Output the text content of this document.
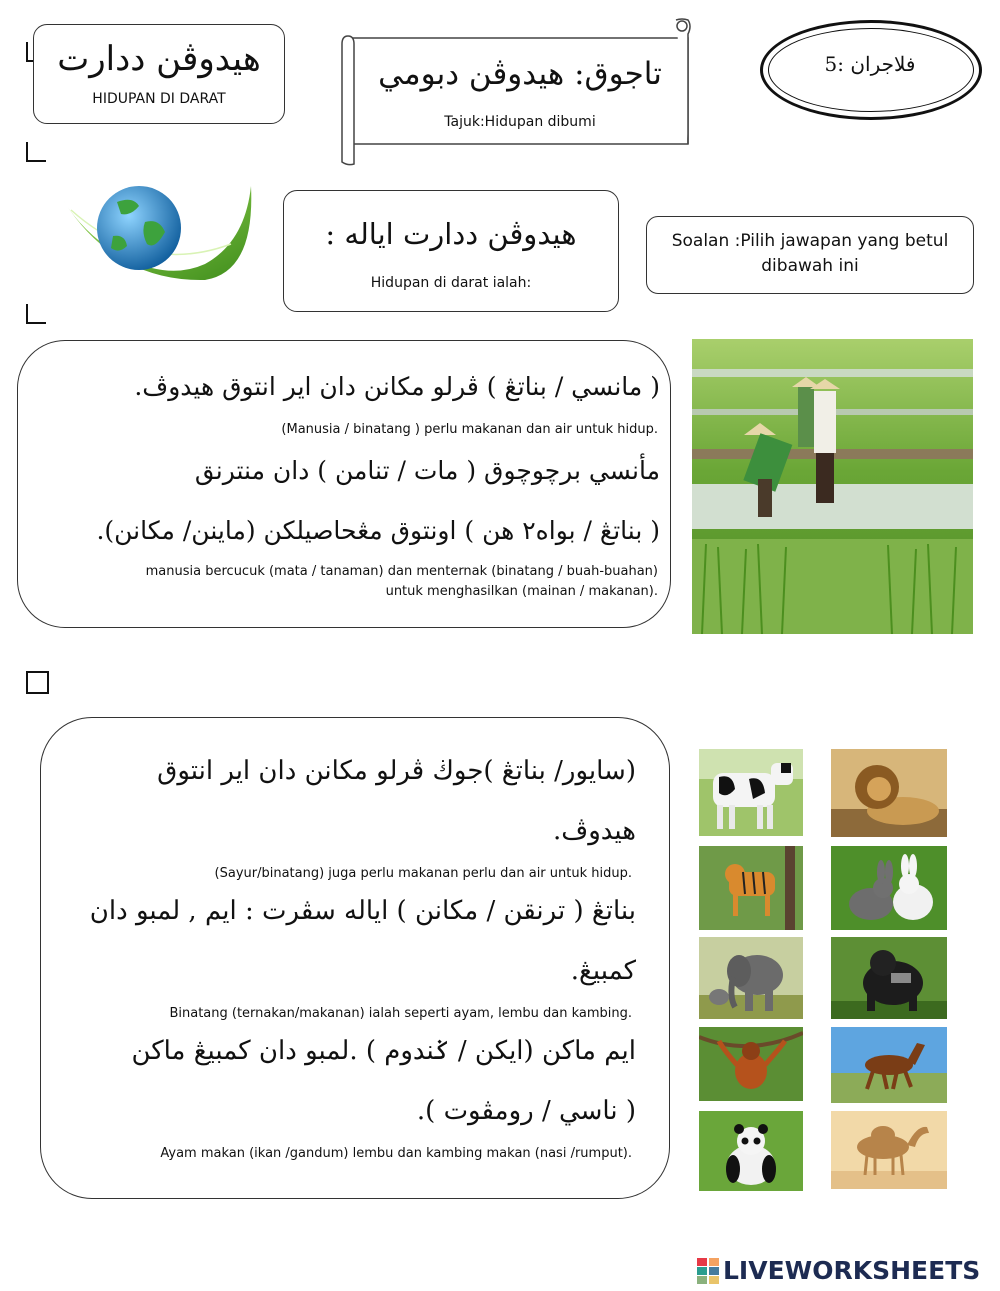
هيدوڤن ددارت
HIDUPAN DI DARAT
تاجوق: هيدوڤن دبومي
Tajuk:Hidupan dibumi
فلاجران :5
هيدوڤن ددارت اياله :
Hidupan di darat ialah:
Soalan :Pilih jawapan yang betul dibawah ini
( مانسي / بناتڠ ) ڤرلو مكانن دان اير انتوق هيدوڤ.
(Manusia / binatang ) perlu makanan dan air untuk hidup.
مأنسي برچوچوق ( مات / تنامن ) دان منترنق
( بناتڠ / بواه٢ هن ) اونتوق مڠحاصيلكن (ماينن/ مكانن).
manusia bercucuk (mata / tanaman) dan menternak (binatang / buah-buahan)
untuk menghasilkan (mainan / makanan).
(سايور/ بناتڠ )جوڬ ڤرلو مكانن دان اير انتوق
هيدوڤ.
(Sayur/binatang) juga perlu makanan perlu dan air untuk hidup.
بناتڠ ( ترنقن / مكانن ) اياله سڤرت : ايم , لمبو دان
كمبيڠ.
Binatang (ternakan/makanan) ialah seperti ayam, lembu dan kambing.
ايم ماكن (ايكن / ݢندوم ) .لمبو دان كمبيڠ ماكن
( ناسي / رومڤوت ).
Ayam makan (ikan /gandum) lembu dan kambing makan (nasi /rumput).
LIVEWORKSHEETS
